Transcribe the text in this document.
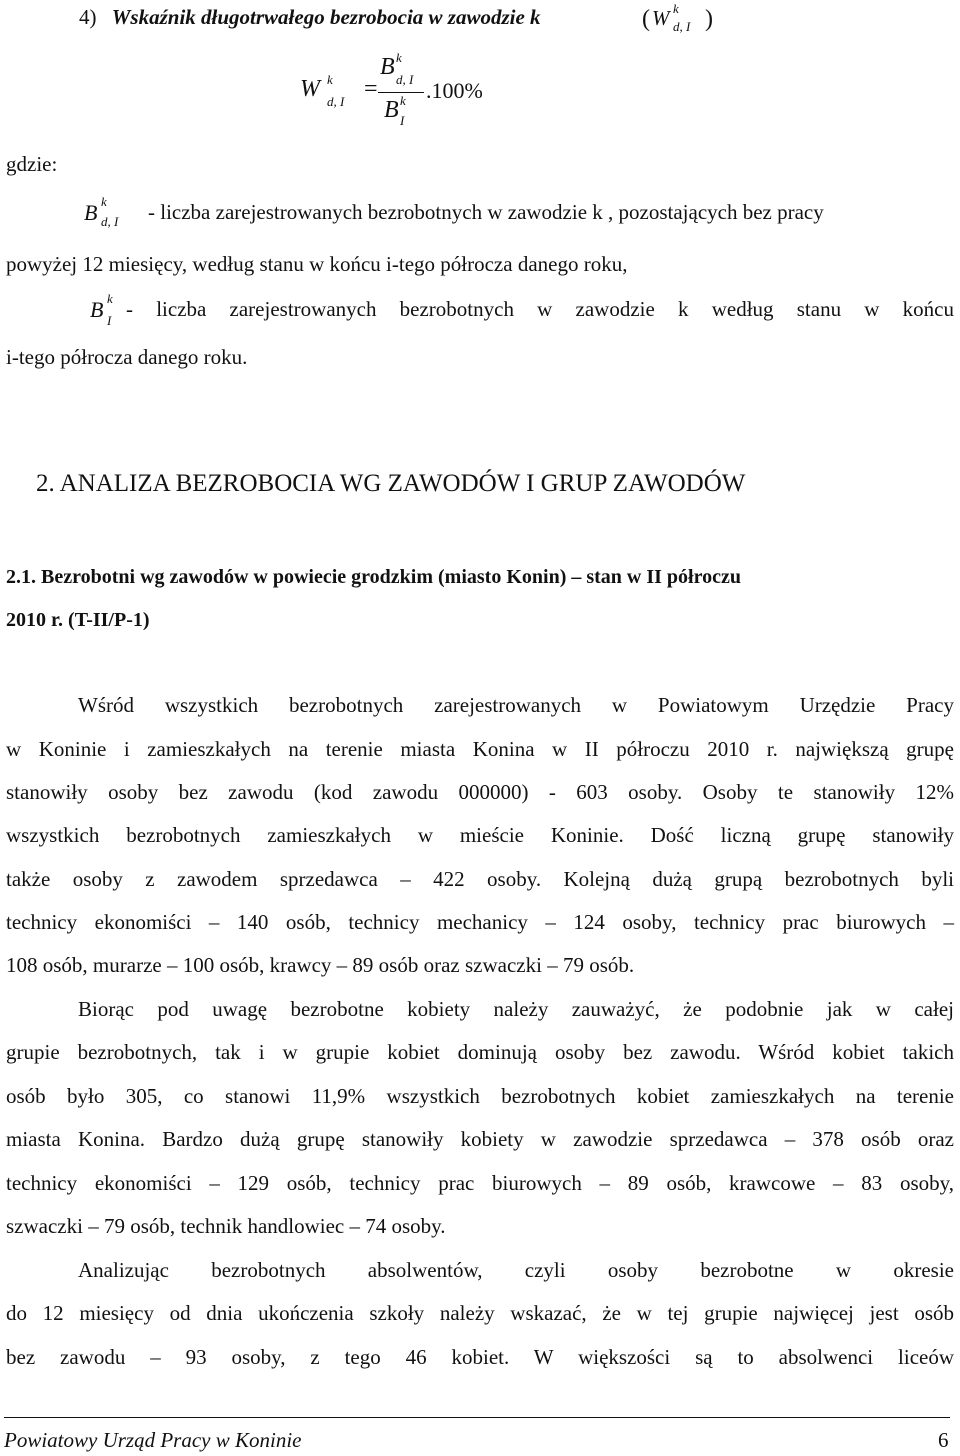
4) Wskaźnik długotrwałego bezrobocia w zawodzie k	( W k
d, I )
W k
d, I =
B k
d, I
B k
I
.100%
gdzie:
B k
d, I - liczba zarejestrowanych bezrobotnych w zawodzie k , pozostających bez pracy
powyżej 12 miesięcy, według stanu w końcu i-tego półrocza danego roku,
B k
I - liczba zarejestrowanych bezrobotnych w zawodzie k według stanu w końcu
i-tego półrocza danego roku.
2. ANALIZA BEZROBOCIA WG ZAWODÓW I GRUP ZAWODÓW
2.1. Bezrobotni wg zawodów w powiecie grodzkim (miasto Konin) – stan w II półroczu
2010 r. (T-II/P-1)
Wśród wszystkich bezrobotnych zarejestrowanych w Powiatowym Urzędzie Pracy
w Koninie i zamieszkałych na terenie miasta Konina w II półroczu 2010 r. największą grupę
stanowiły osoby bez zawodu (kod zawodu 000000) - 603 osoby. Osoby te stanowiły 12%
wszystkich bezrobotnych zamieszkałych w mieście Koninie. Dość liczną grupę stanowiły
także osoby z zawodem sprzedawca – 422 osoby. Kolejną dużą grupą bezrobotnych byli
technicy ekonomiści – 140 osób, technicy mechanicy – 124 osoby, technicy prac biurowych –
108 osób, murarze – 100 osób, krawcy – 89 osób oraz szwaczki – 79 osób.
Biorąc pod uwagę bezrobotne kobiety należy zauważyć, że podobnie jak w całej
grupie bezrobotnych, tak i w grupie kobiet dominują osoby bez zawodu. Wśród kobiet takich
osób było 305, co stanowi 11,9% wszystkich bezrobotnych kobiet zamieszkałych na terenie
miasta Konina. Bardzo dużą grupę stanowiły kobiety w zawodzie sprzedawca – 378 osób oraz
technicy ekonomiści – 129 osób, technicy prac biurowych – 89 osób, krawcowe – 83 osoby,
szwaczki – 79 osób, technik handlowiec – 74 osoby.
Analizując bezrobotnych absolwentów, czyli osoby bezrobotne w okresie
do 12 miesięcy od dnia ukończenia szkoły należy wskazać, że w tej grupie najwięcej jest osób
bez zawodu – 93 osoby, z tego 46 kobiet. W większości są to absolwenci liceów
Powiatowy Urząd Pracy w Koninie	6
